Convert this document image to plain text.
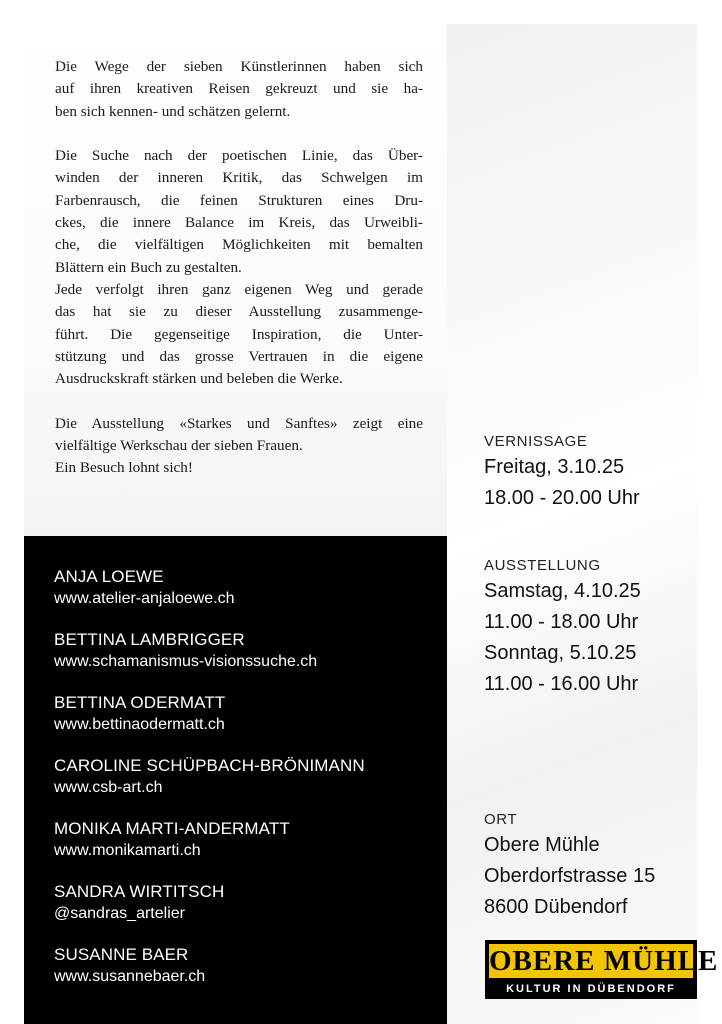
Die Wege der sieben Künstlerinnen haben sich
auf ihren kreativen Reisen gekreuzt und sie ha-
ben sich kennen- und schätzen gelernt.

Die Suche nach der poetischen Linie, das Über-
winden der inneren Kritik, das Schwelgen im
Farbenrausch, die feinen Strukturen eines Dru-
ckes, die innere Balance im Kreis, das Urweibli-
che, die vielfältigen Möglichkeiten mit bemalten
Blättern ein Buch zu gestalten.

Jede verfolgt ihren ganz eigenen Weg und gerade
das hat sie zu dieser Ausstellung zusammenge-
führt. Die gegenseitige Inspiration, die Unter-
stützung und das grosse Vertrauen in die eigene
Ausdruckskraft stärken und beleben die Werke.

Die Ausstellung «Starkes und Sanftes» zeigt eine
vielfältige Werkschau der sieben Frauen.
Ein Besuch lohnt sich!

ANJA LOEWE
www.atelier-anjaloewe.ch
BETTINA LAMBRIGGER
www.schamanismus-visionssuche.ch
BETTINA ODERMATT
www.bettinaodermatt.ch
CAROLINE SCHÜPBACH-BRÖNIMANN
www.csb-art.ch
MONIKA MARTI-ANDERMATT
www.monikamarti.ch
SANDRA WIRTITSCH
@sandras_artelier
SUSANNE BAER
www.susannebaer.ch
VERNISSAGE
Freitag, 3.10.25
18.00 - 20.00 Uhr
AUSSTELLUNG
Samstag, 4.10.25
11.00 - 18.00 Uhr
Sonntag, 5.10.25
11.00 - 16.00 Uhr
ORT
Obere Mühle
Oberdorfstrasse 15
8600 Dübendorf
OBERE MÜHLE
KULTUR IN DÜBENDORF
